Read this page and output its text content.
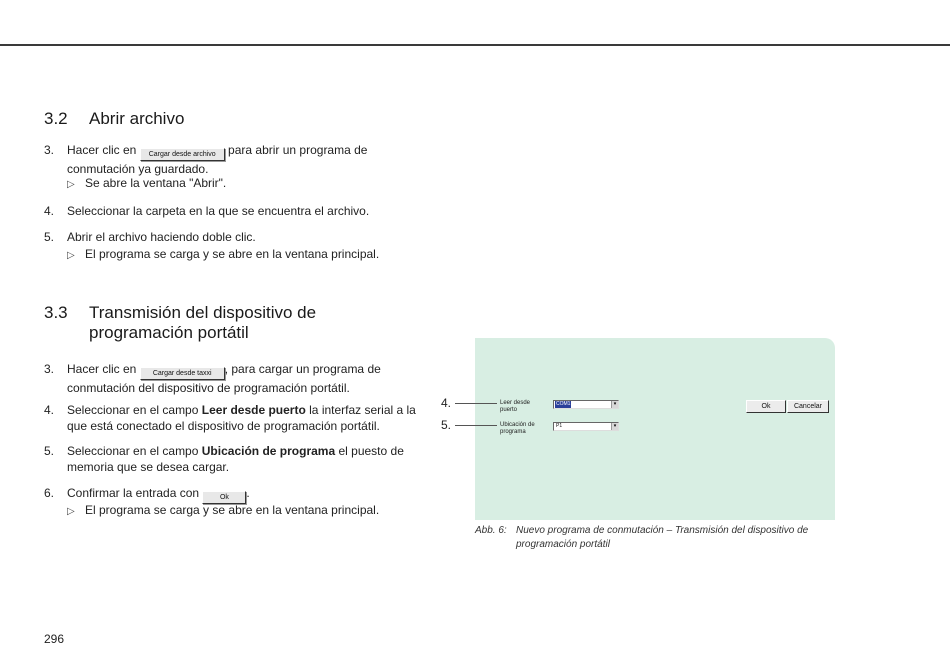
3.2	Abrir archivo
3. Hacer clic en Cargar desde archivo para abrir un programa de conmutación ya guardado.
▷ Se abre la ventana "Abrir".
4. Seleccionar la carpeta en la que se encuentra el archivo.
5. Abrir el archivo haciendo doble clic.
▷ El programa se carga y se abre en la ventana principal.
3.3	Transmisión del dispositivo de programación portátil
3. Hacer clic en Cargar desde taxxi , para cargar un programa de conmutación del dispositivo de programación portátil.
4. Seleccionar en el campo Leer desde puerto la interfaz serial a la que está conectado el dispositivo de programación portátil.
5. Seleccionar en el campo Ubicación de programa el puesto de memoria que se desea cargar.
6. Confirmar la entrada con	Ok .
▷ El programa se carga y se abre en la ventana principal.
Leer desde puerto
COM1	▾
Ubicación de programa
P1	▾
Ok	Cancelar
4.
5.
Abb. 6: Nuevo programa de conmutación – Transmisión del dispositivo de programación portátil
296
